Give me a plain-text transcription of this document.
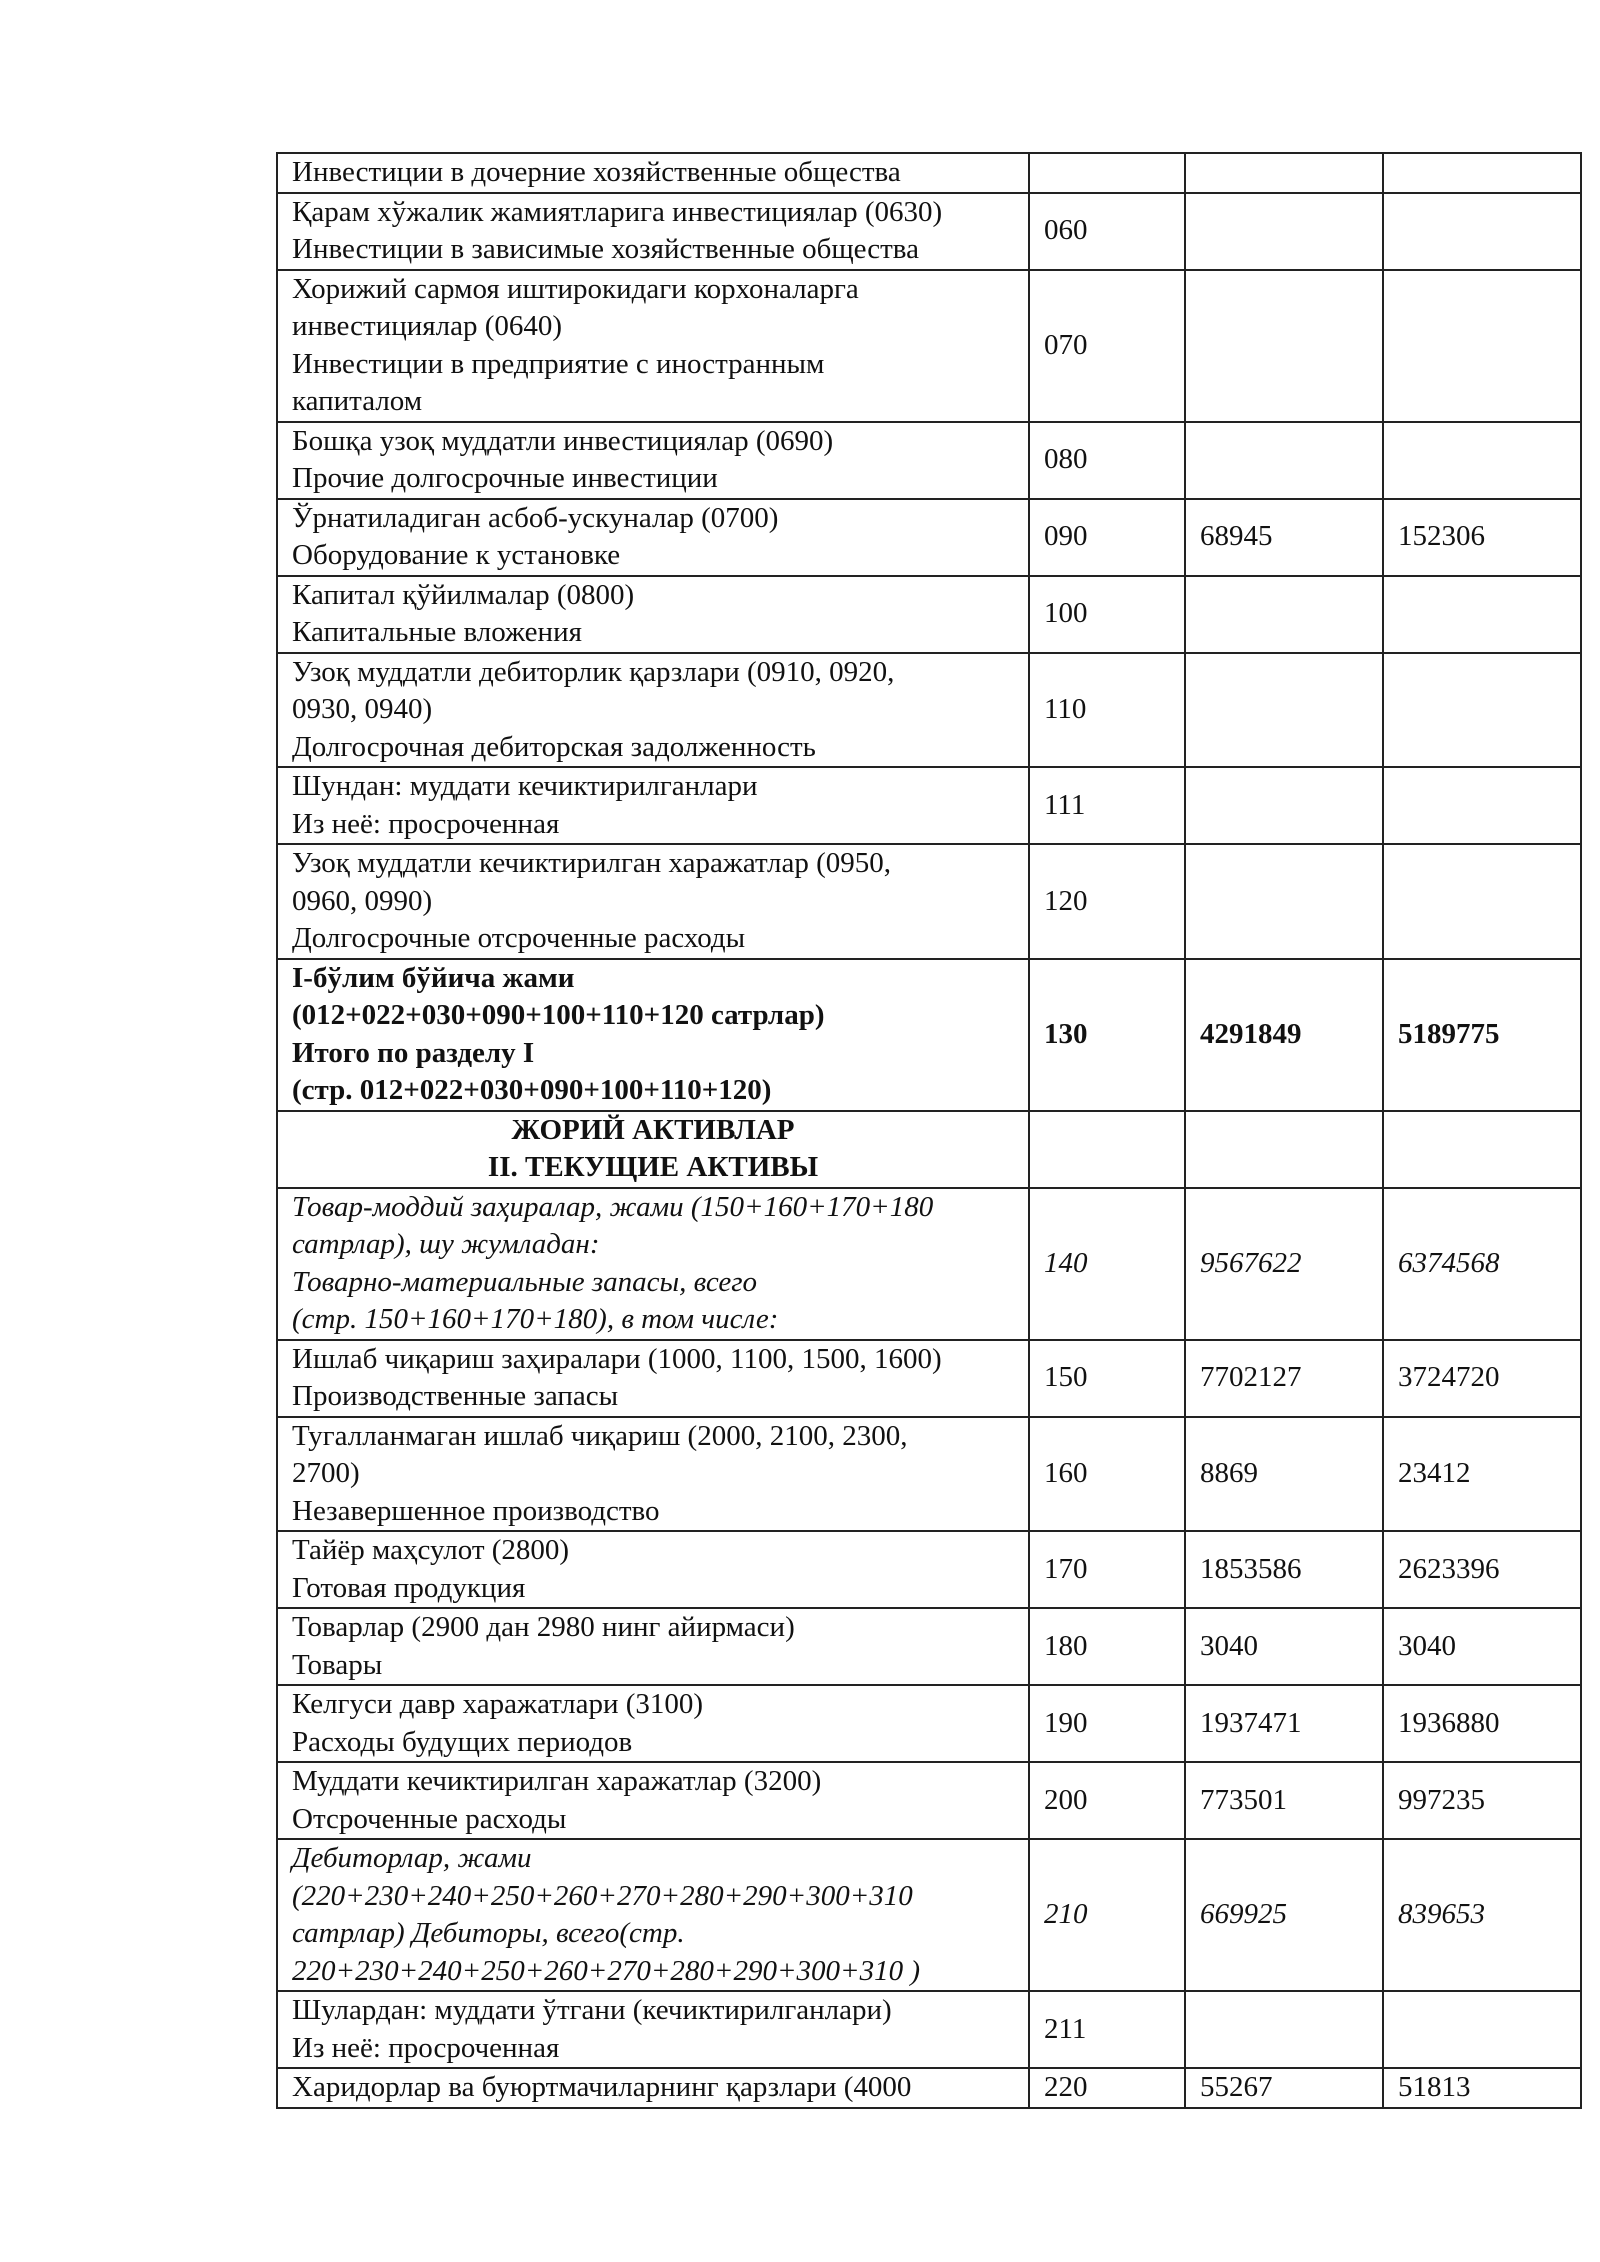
Инвестиции в дочерние хозяйственные общества			

Қарам хўжалик жамиятларига инвестициялар (0630)
Инвестиции в зависимые хозяйственные общества	060		

Хорижий сармоя иштирокидаги корхоналарга
инвестициялар (0640)
Инвестиции в предприятие с иностранным
капиталом	070		

Бошқа узоқ муддатли инвестициялар (0690)
Прочие долгосрочные инвестиции	080		

Ўрнатиладиган асбоб-ускуналар (0700)
Оборудование к установке	090	68945	152306

Капитал қўйилмалар (0800)
Капитальные вложения	100		

Узоқ муддатли дебиторлик қарзлари (0910, 0920,
0930, 0940)
Долгосрочная дебиторская задолженность	110		

Шундан: муддати кечиктирилганлари
Из неё: просроченная	111		

Узоқ муддатли кечиктирилган харажатлар (0950,
0960, 0990)
Долгосрочные отсроченные расходы	120		

I-бўлим бўйича жами
(012+022+030+090+100+110+120 сатрлар)
Итого по разделу I
(стр. 012+022+030+090+100+110+120)	130	4291849	5189775

ЖОРИЙ АКТИВЛАР
II. ТЕКУЩИЕ АКТИВЫ			

Товар-моддий заҳиралар, жами (150+160+170+180
сатрлар), шу жумладан:
Товарно-материальные запасы, всего
(стр. 150+160+170+180), в том числе:	140	9567622	6374568

Ишлаб чиқариш заҳиралари (1000, 1100, 1500, 1600)
Производственные запасы	150	7702127	3724720

Тугалланмаган ишлаб чиқариш (2000, 2100, 2300,
2700)
Незавершенное производство	160	8869	23412

Тайёр маҳсулот (2800)
Готовая продукция	170	1853586	2623396

Товарлар (2900 дан 2980 нинг айирмаси)
Товары	180	3040	3040

Келгуси давр харажатлари (3100)
Расходы будущих периодов	190	1937471	1936880

Муддати кечиктирилган харажатлар (3200)
Отсроченные расходы	200	773501	997235

Дебиторлар, жами
(220+230+240+250+260+270+280+290+300+310
сатрлар) Дебиторы, всего(стр.
220+230+240+250+260+270+280+290+300+310 )	210	669925	839653

Шулардан: муддати ўтгани (кечиктирилганлари)
Из неё: просроченная	211		

Харидорлар ва буюртмачиларнинг қарзлари (4000	220	55267	51813
